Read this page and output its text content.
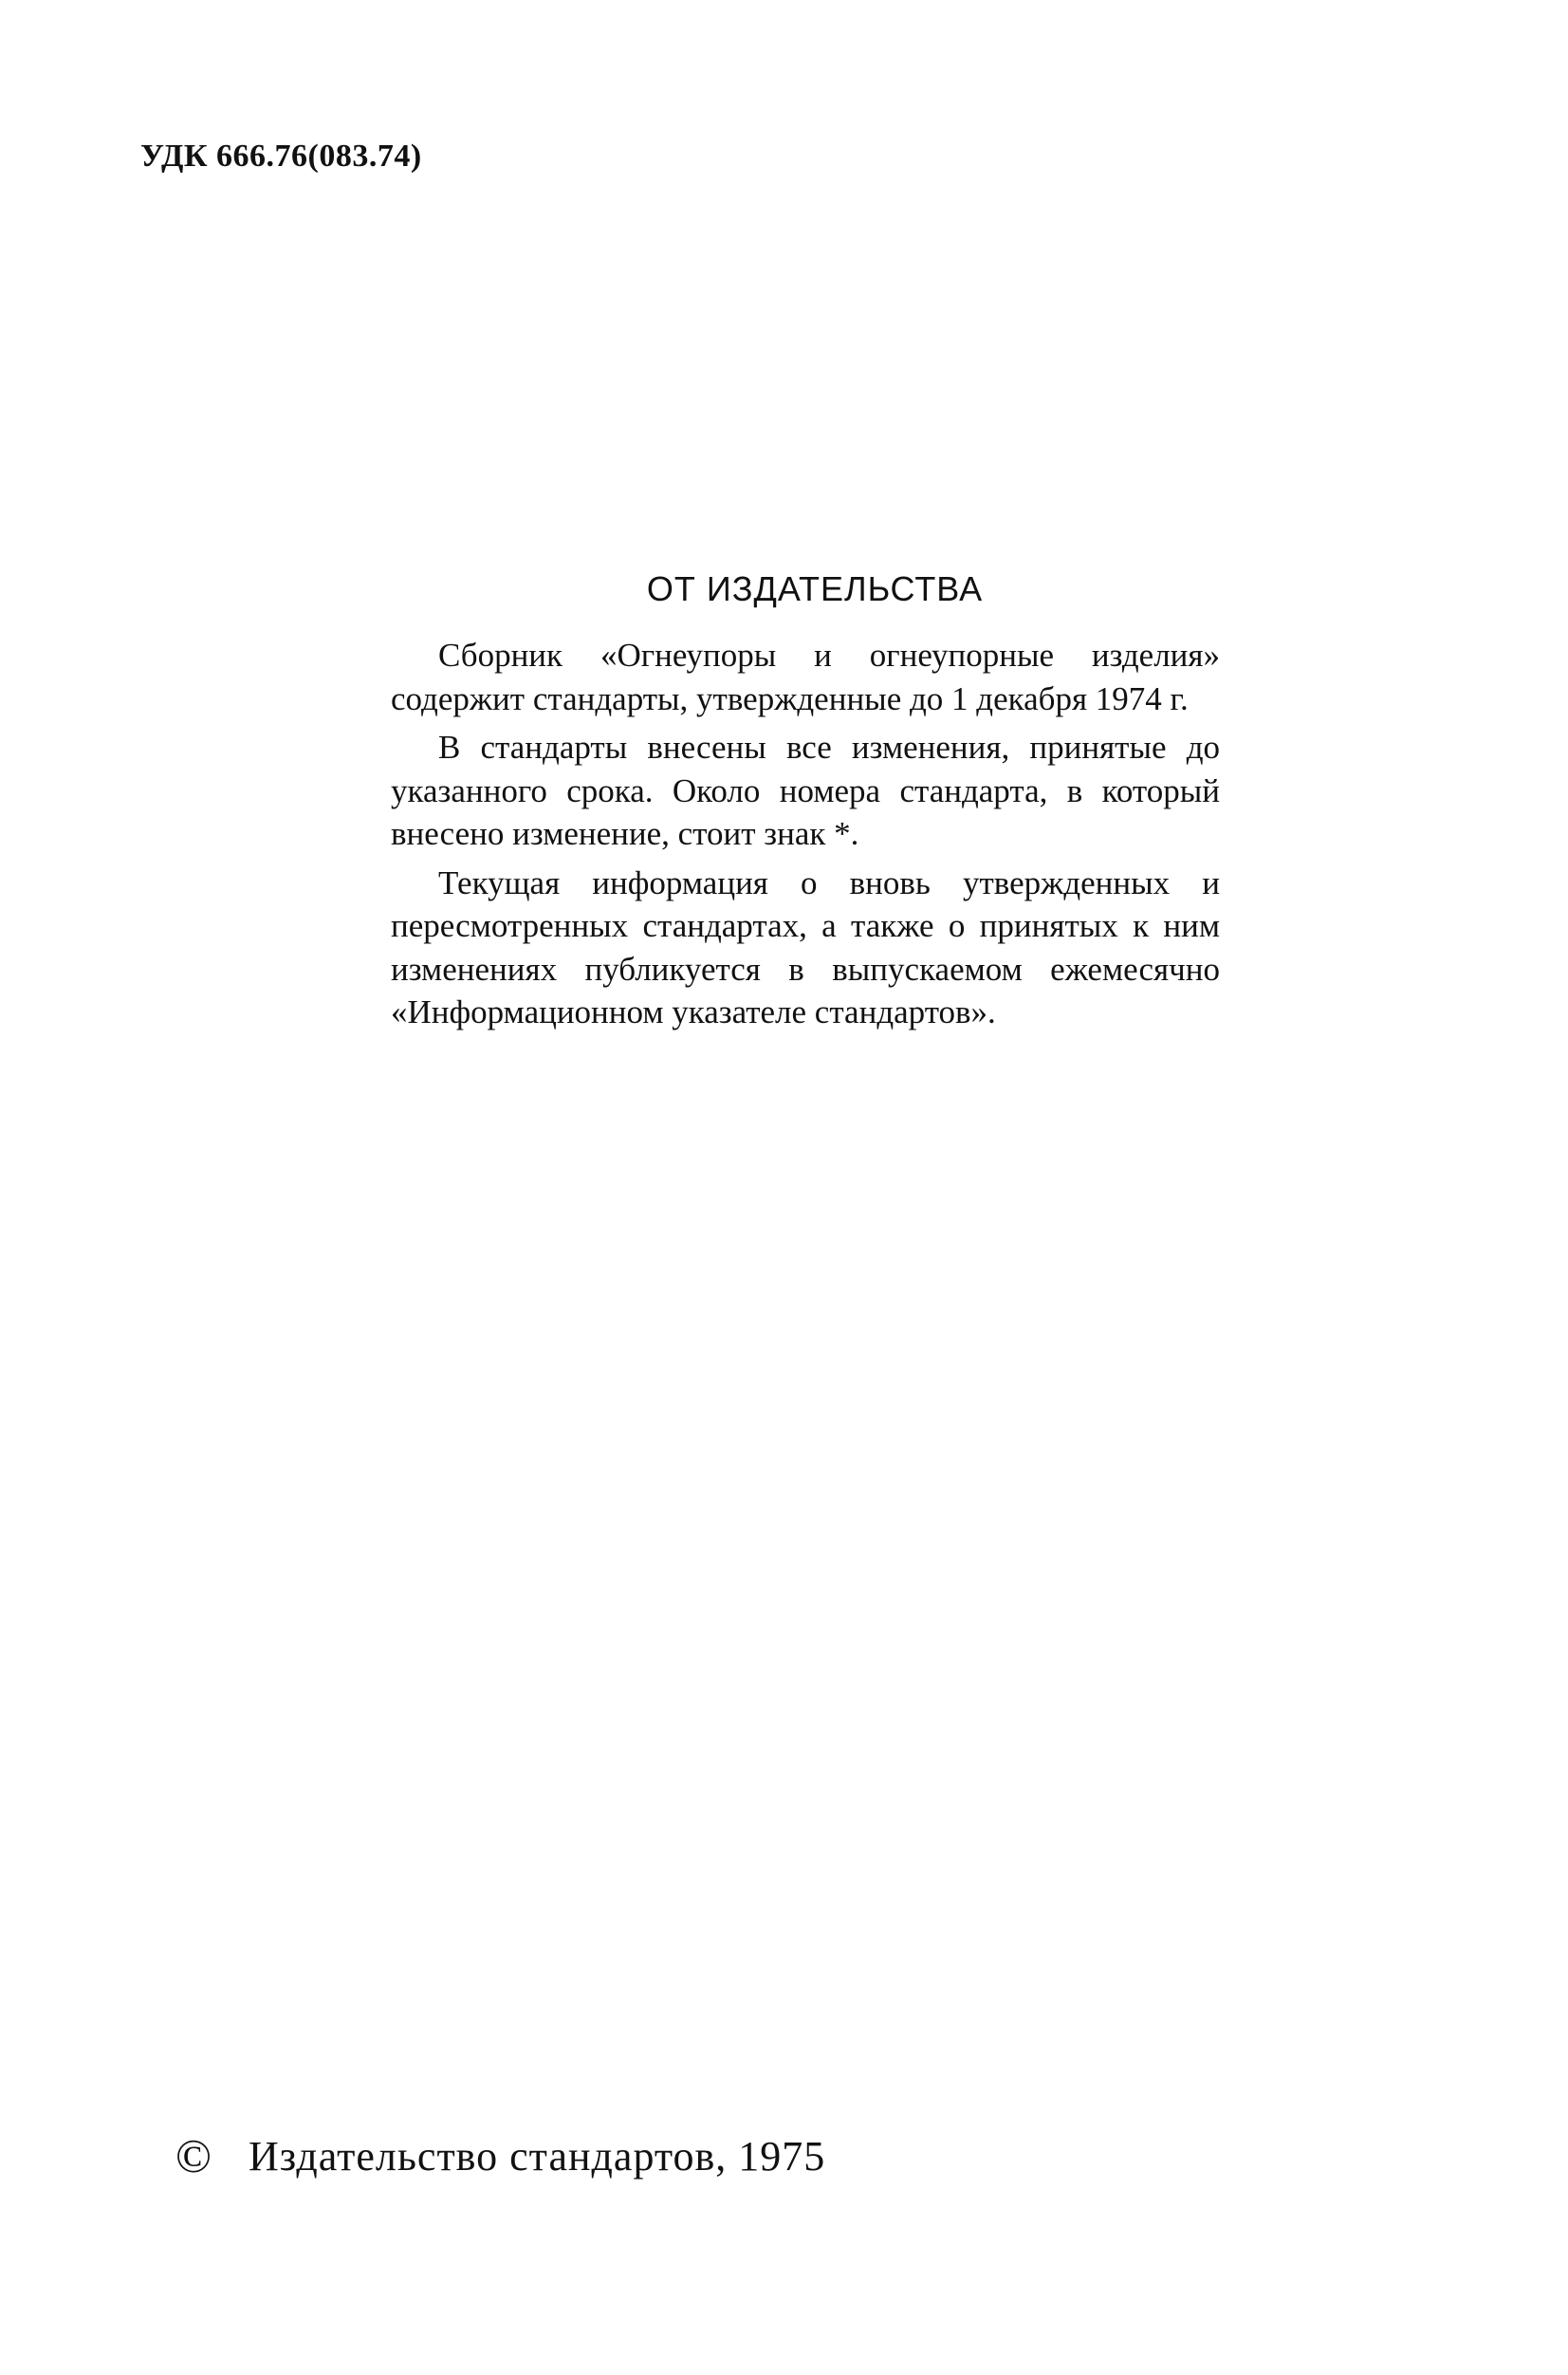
УДК 666.76(083.74)
ОТ ИЗДАТЕЛЬСТВА

Сборник «Огнеупоры и огнеупорные изделия» содержит стандарты, утвержденные до 1 декабря 1974 г.

В стандарты внесены все изменения, принятые до указанного срока. Около номера стандарта, в который внесено изменение, стоит знак *.

Текущая информация о вновь утвержденных и пересмотренных стандартах, а также о принятых к ним изменениях публикуется в выпускаемом ежемесячно «Информационном указателе стандартов».

© Издательство стандартов, 1975
